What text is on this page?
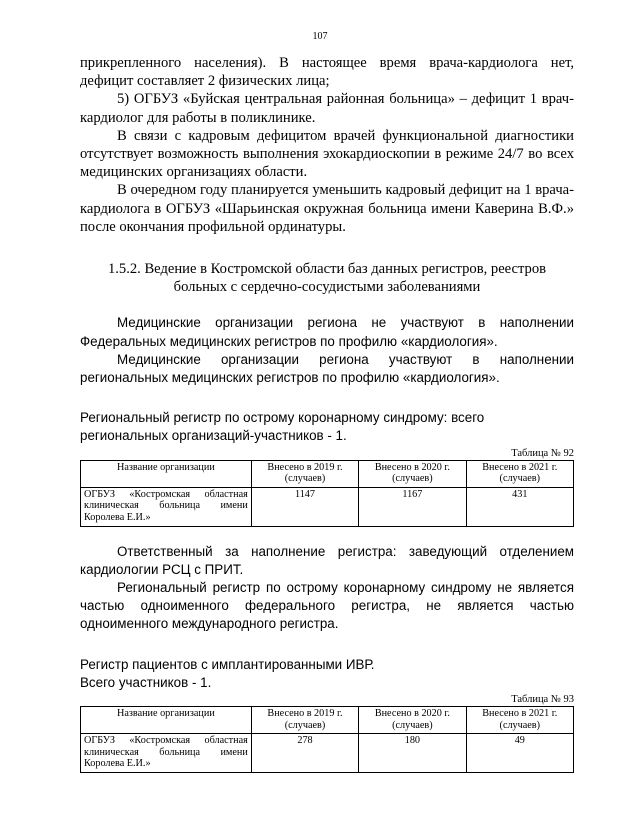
107

прикрепленного населения). В настоящее время врача-кардиолога нет, дефицит составляет 2 физических лица;

5) ОГБУЗ «Буйская центральная районная больница» – дефицит 1 врач-кардиолог для работы в поликлинике.

В связи с кадровым дефицитом врачей функциональной диагностики отсутствует возможность выполнения эхокардиоскопии в режиме 24/7 во всех медицинских организациях области.

В очередном году планируется уменьшить кадровый дефицит на 1 врача-кардиолога в ОГБУЗ «Шарьинская окружная больница имени Каверина В.Ф.» после окончания профильной ординатуры.

1.5.2. Ведение в Костромской области баз данных регистров, реестров больных с сердечно-сосудистыми заболеваниями

Медицинские организации региона не участвуют в наполнении Федеральных медицинских регистров по профилю «кардиология».

Медицинские организации региона участвуют в наполнении региональных медицинских регистров по профилю «кардиология».

Региональный регистр по острому коронарному синдрому: всего региональных организаций-участников - 1.

Таблица № 92
Название организации	Внесено в 2019 г. (случаев)	Внесено в 2020 г. (случаев)	Внесено в 2021 г. (случаев)
ОГБУЗ «Костромская областная клиническая больница имени Королева Е.И.»	1147	1167	431

Ответственный за наполнение регистра: заведующий отделением кардиологии РСЦ с ПРИТ.

Региональный регистр по острому коронарному синдрому не является частью одноименного федерального регистра, не является частью одноименного международного регистра.

Регистр пациентов с имплантированными ИВР.

Всего участников - 1.

Таблица № 93
Название организации	Внесено в 2019 г. (случаев)	Внесено в 2020 г. (случаев)	Внесено в 2021 г. (случаев)
ОГБУЗ «Костромская областная клиническая больница имени Королева Е.И.»	278	180	49
